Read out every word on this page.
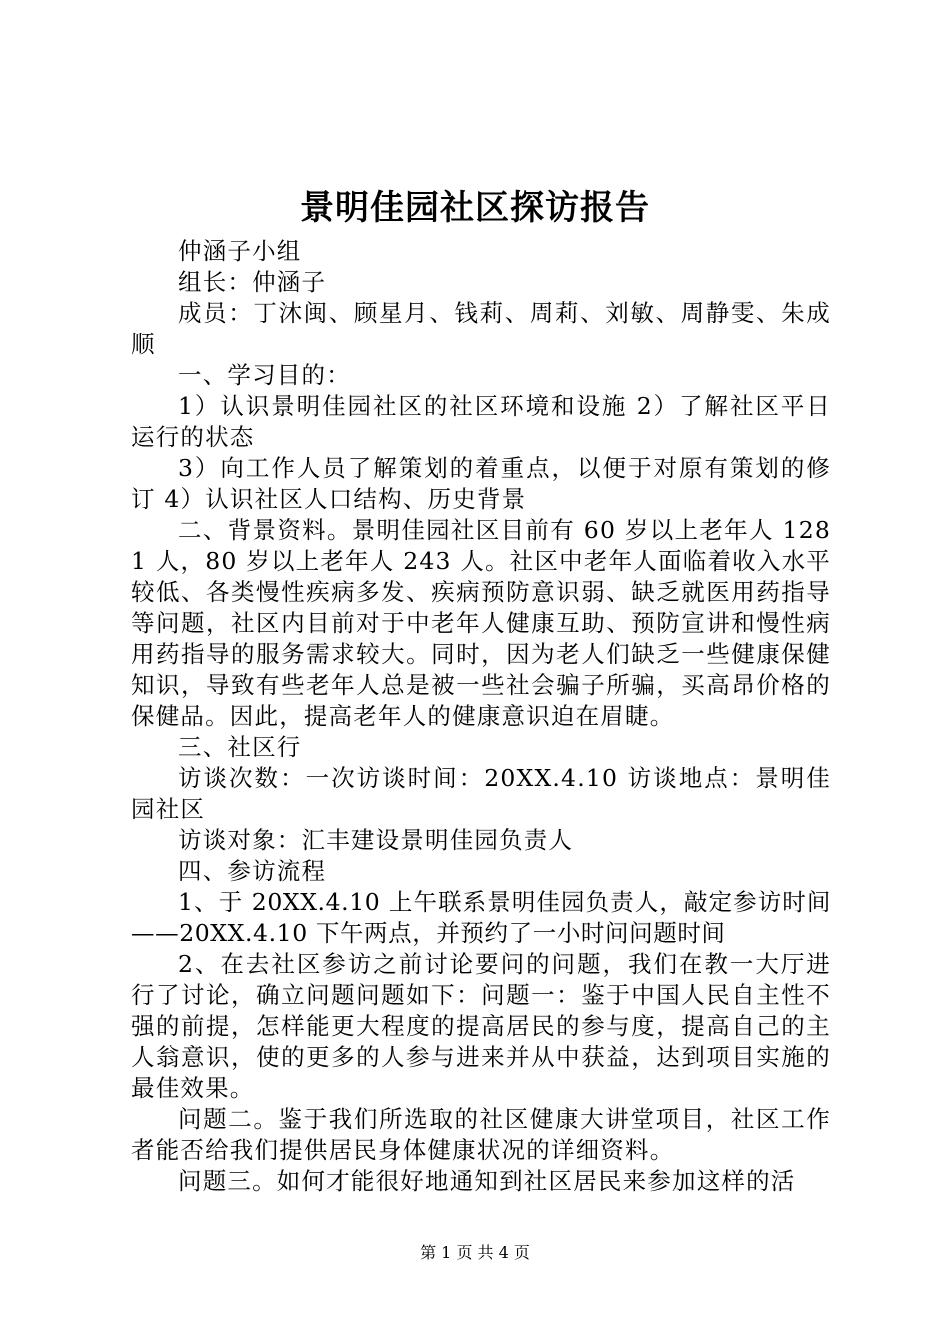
景明佳园社区探访报告

仲涵子小组

组长：仲涵子

成员：丁沐闽、顾星月、钱莉、周莉、刘敏、周静雯、朱成顺

一、学习目的：

1）认识景明佳园社区的社区环境和设施 2）了解社区平日运行的状态

3）向工作人员了解策划的着重点，以便于对原有策划的修订 4）认识社区人口结构、历史背景

二、背景资料。景明佳园社区目前有 60 岁以上老年人 1281 人，80 岁以上老年人 243 人。社区中老年人面临着收入水平较低、各类慢性疾病多发、疾病预防意识弱、缺乏就医用药指导等问题，社区内目前对于中老年人健康互助、预防宣讲和慢性病用药指导的服务需求较大。同时，因为老人们缺乏一些健康保健知识，导致有些老年人总是被一些社会骗子所骗，买高昂价格的保健品。因此，提高老年人的健康意识迫在眉睫。

三、社区行

访谈次数：一次访谈时间：20XX.4.10 访谈地点：景明佳园社区

访谈对象：汇丰建设景明佳园负责人

四、参访流程

1、于 20XX.4.10 上午联系景明佳园负责人，敲定参访时间——20XX.4.10 下午两点，并预约了一小时问问题时间

2、在去社区参访之前讨论要问的问题，我们在教一大厅进行了讨论，确立问题问题如下：问题一：鉴于中国人民自主性不强的前提，怎样能更大程度的提高居民的参与度，提高自己的主人翁意识，使的更多的人参与进来并从中获益，达到项目实施的最佳效果。

问题二。鉴于我们所选取的社区健康大讲堂项目，社区工作者能否给我们提供居民身体健康状况的详细资料。

问题三。如何才能很好地通知到社区居民来参加这样的活

第 1 页 共 4 页
